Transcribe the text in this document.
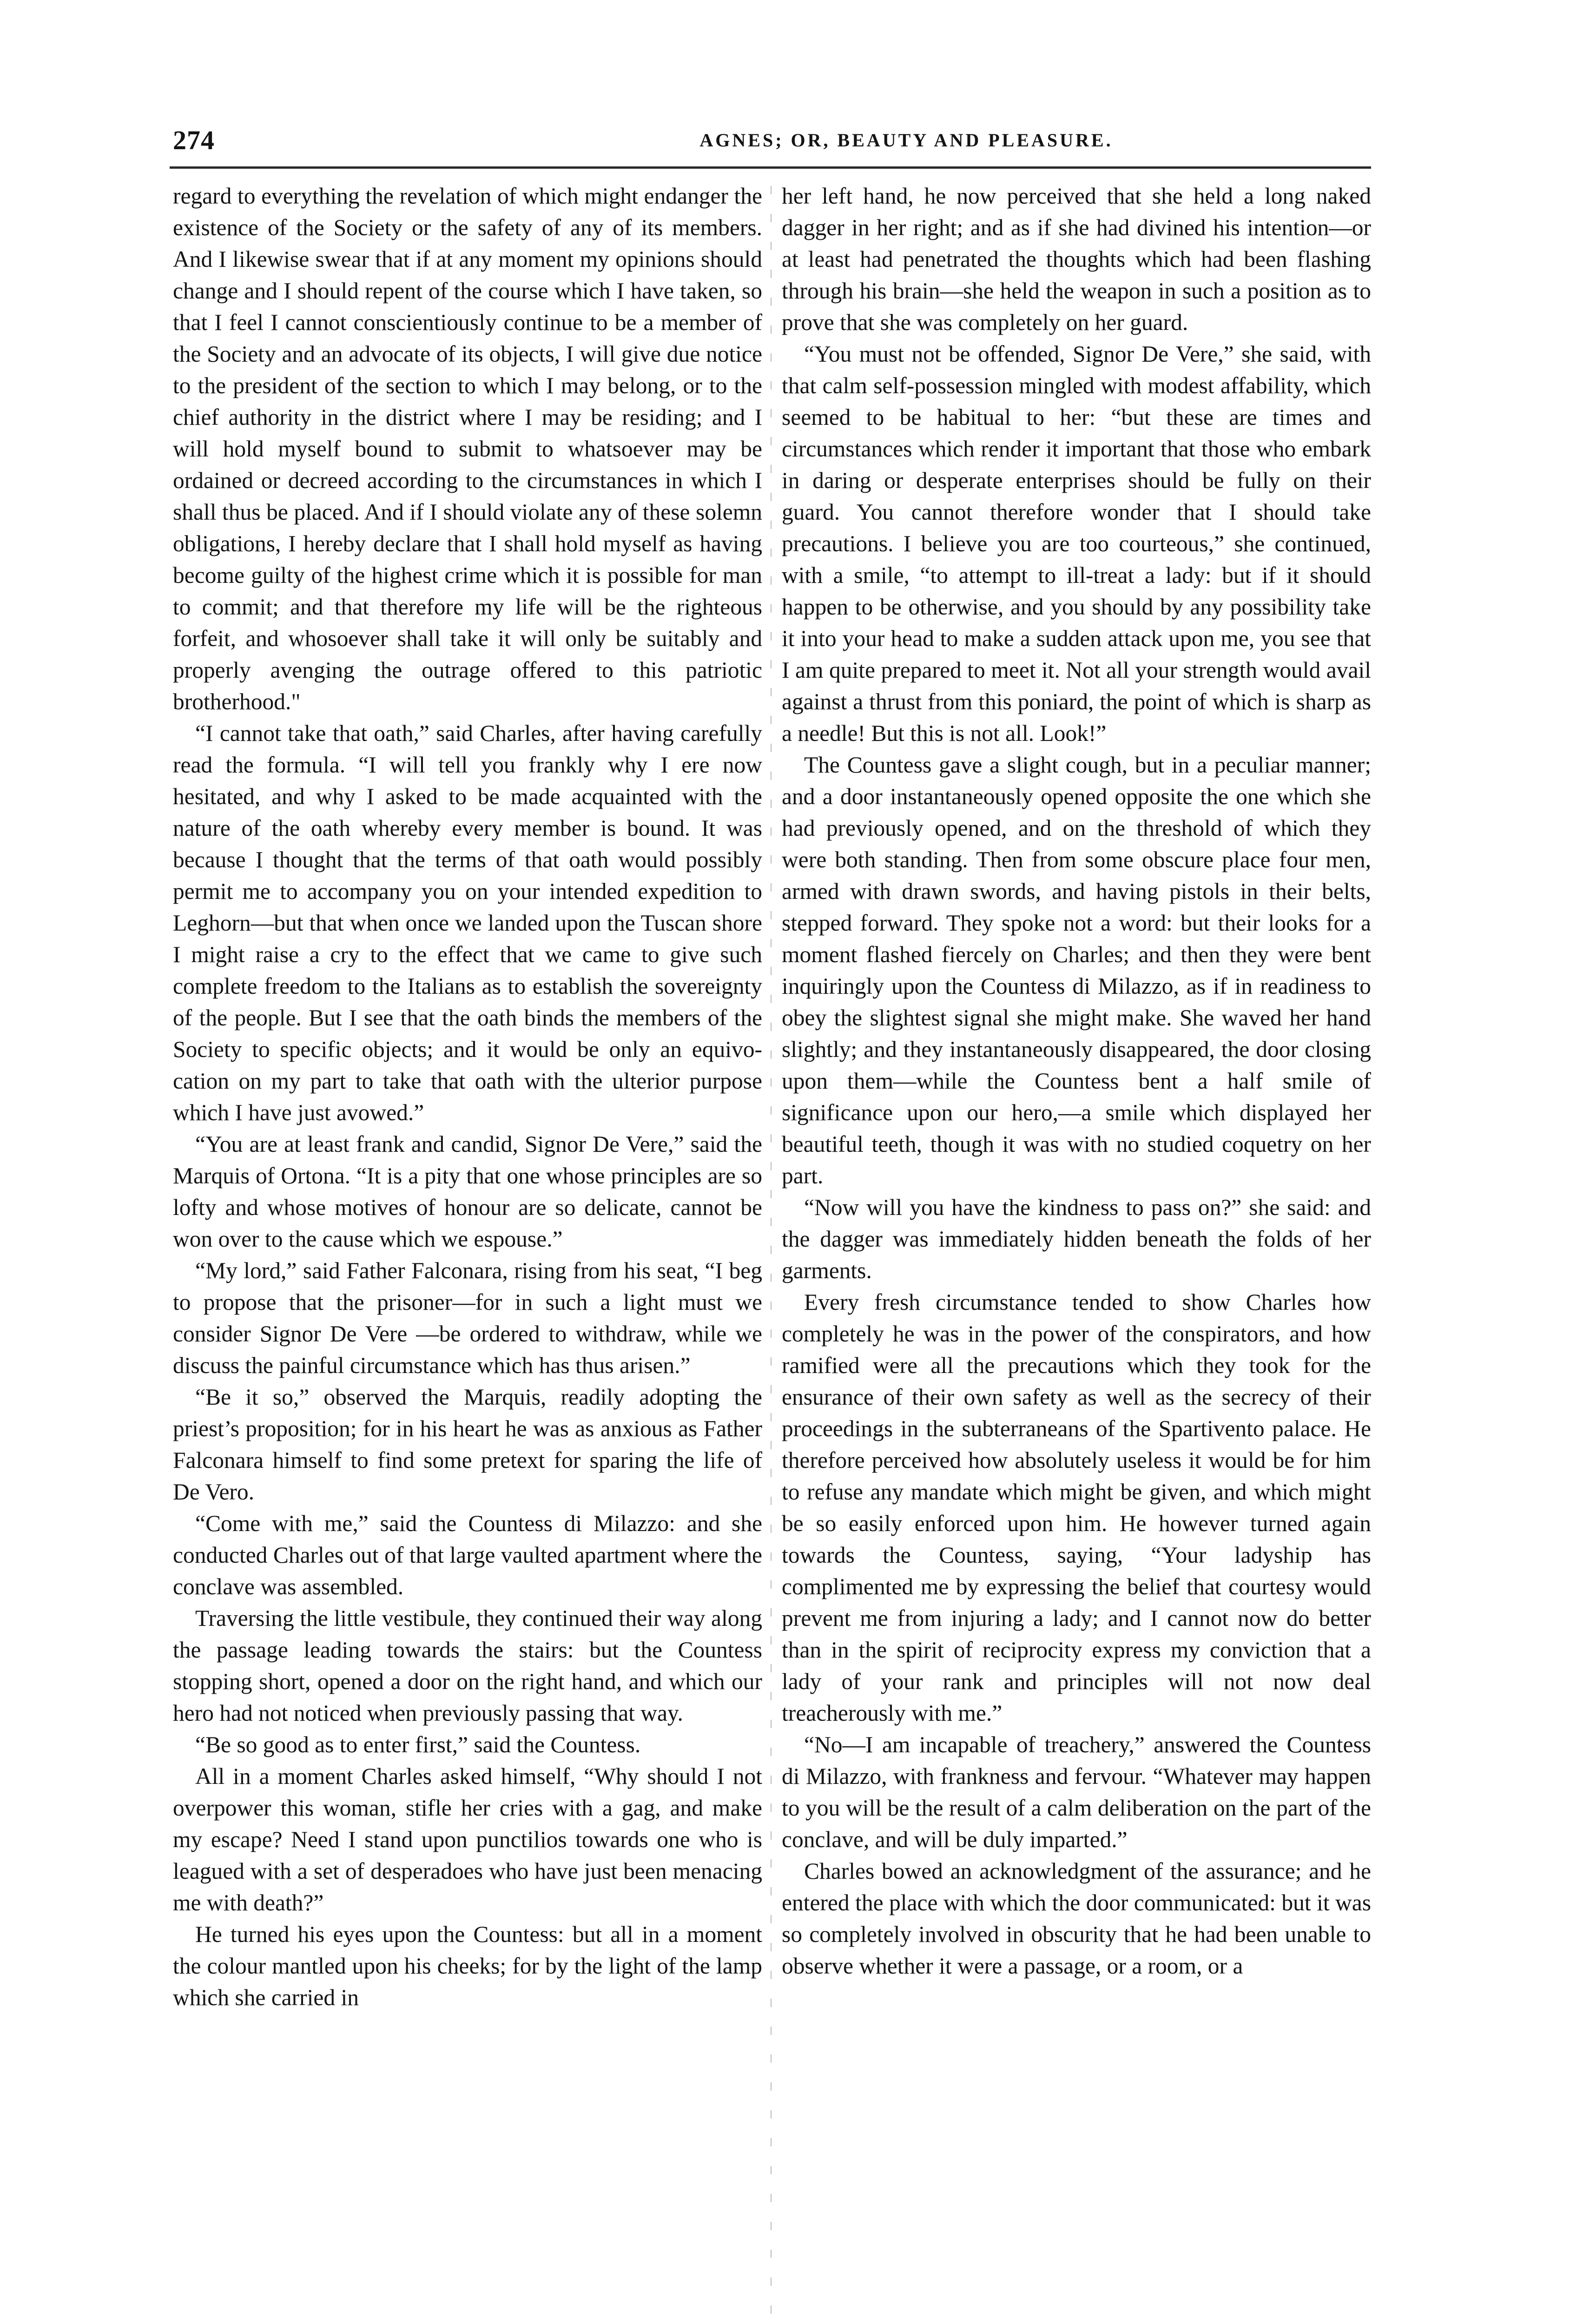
274	AGNES; OR, BEAUTY AND PLEASURE.

regard to everything the revelation of which might endanger the existence of the Society or the safety of any of its members. And I likewise swear that if at any moment my opinions should change and I should repent of the course which I have taken, so that I feel I cannot conscientiously continue to be a member of the Society and an advocate of its objects, I will give due notice to the president of the section to which I may belong, or to the chief authority in the district where I may be residing; and I will hold myself bound to submit to whatsoever may be ordained or decreed according to the circumstances in which I shall thus be placed. And if I should violate any of these solemn obligations, I hereby declare that I shall hold myself as having become guilty of the highest crime which it is possible for man to commit; and that therefore my life will be the righteous forfeit, and whosoever shall take it will only be suitably and properly avenging the outrage offered to this patriotic brotherhood."

“I cannot take that oath,” said Charles, after having carefully read the formula. “I will tell you frankly why I ere now hesitated, and why I asked to be made acquainted with the nature of the oath whereby every member is bound. It was because I thought that the terms of that oath would possibly permit me to accompany you on your intended expedition to Leghorn—but that when once we landed upon the Tuscan shore I might raise a cry to the effect that we came to give such complete freedom to the Italians as to establish the sovereignty of the people. But I see that the oath binds the members of the Society to specific objects; and it would be only an equivocation on my part to take that oath with the ulterior purpose which I have just avowed.”

“You are at least frank and candid, Signor De Vere,” said the Marquis of Ortona. “It is a pity that one whose principles are so lofty and whose motives of honour are so delicate, cannot be won over to the cause which we espouse.”

“My lord,” said Father Falconara, rising from his seat, “I beg to propose that the prisoner—for in such a light must we consider Signor De Vere —be ordered to withdraw, while we discuss the painful circumstance which has thus arisen.”

“Be it so,” observed the Marquis, readily adopting the priest’s proposition; for in his heart he was as anxious as Father Falconara himself to find some pretext for sparing the life of De Vero.

“Come with me,” said the Countess di Milazzo: and she conducted Charles out of that large vaulted apartment where the conclave was assembled.

Traversing the little vestibule, they continued their way along the passage leading towards the stairs: but the Countess stopping short, opened a door on the right hand, and which our hero had not noticed when previously passing that way.

“Be so good as to enter first,” said the Countess.

All in a moment Charles asked himself, “Why should I not overpower this woman, stifle her cries with a gag, and make my escape? Need I stand upon punctilios towards one who is leagued with a set of desperadoes who have just been menacing me with death?”

He turned his eyes upon the Countess: but all in a moment the colour mantled upon his cheeks; for by the light of the lamp which she carried in

her left hand, he now perceived that she held a long naked dagger in her right; and as if she had divined his intention—or at least had penetrated the thoughts which had been flashing through his brain—she held the weapon in such a position as to prove that she was completely on her guard.

“You must not be offended, Signor De Vere,” she said, with that calm self-possession mingled with modest affability, which seemed to be habitual to her: “but these are times and circumstances which render it important that those who embark in daring or desperate enterprises should be fully on their guard. You cannot therefore wonder that I should take precautions. I believe you are too courteous,” she continued, with a smile, “to attempt to ill-treat a lady: but if it should happen to be otherwise, and you should by any possibility take it into your head to make a sudden attack upon me, you see that I am quite prepared to meet it. Not all your strength would avail against a thrust from this poniard, the point of which is sharp as a needle! But this is not all. Look!”

The Countess gave a slight cough, but in a peculiar manner; and a door instantaneously opened opposite the one which she had previously opened, and on the threshold of which they were both standing. Then from some obscure place four men, armed with drawn swords, and having pistols in their belts, stepped forward. They spoke not a word: but their looks for a moment flashed fiercely on Charles; and then they were bent inquiringly upon the Countess di Milazzo, as if in readiness to obey the slightest signal she might make. She waved her hand slightly; and they instantaneously disappeared, the door closing upon them—while the Countess bent a half smile of significance upon our hero,—a smile which displayed her beautiful teeth, though it was with no studied coquetry on her part.

“Now will you have the kindness to pass on?” she said: and the dagger was immediately hidden beneath the folds of her garments.

Every fresh circumstance tended to show Charles how completely he was in the power of the conspirators, and how ramified were all the precautions which they took for the ensurance of their own safety as well as the secrecy of their proceedings in the subterraneans of the Spartivento palace. He therefore perceived how absolutely useless it would be for him to refuse any mandate which might be given, and which might be so easily enforced upon him. He however turned again towards the Countess, saying, “Your ladyship has complimented me by expressing the belief that courtesy would prevent me from injuring a lady; and I cannot now do better than in the spirit of reciprocity express my conviction that a lady of your rank and principles will not now deal treacherously with me.”

“No—I am incapable of treachery,” answered the Countess di Milazzo, with frankness and fervour. “Whatever may happen to you will be the result of a calm deliberation on the part of the conclave, and will be duly imparted.”

Charles bowed an acknowledgment of the assurance; and he entered the place with which the door communicated: but it was so completely involved in obscurity that he had been unable to observe whether it were a passage, or a room, or a
